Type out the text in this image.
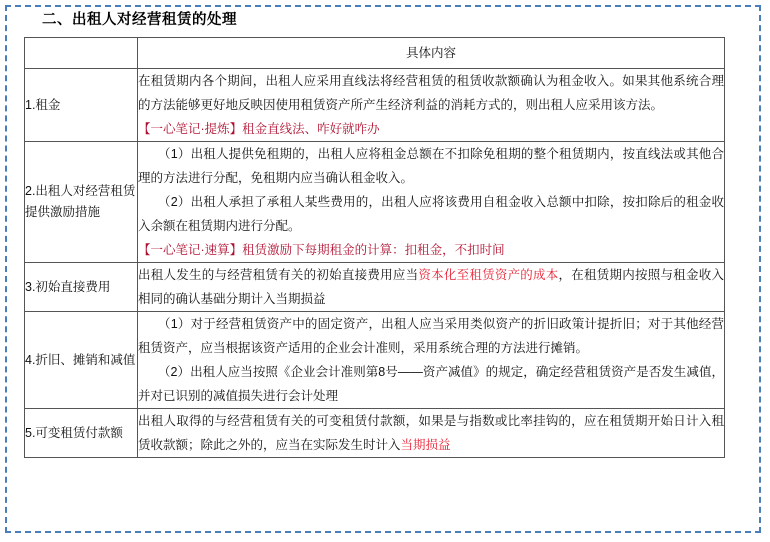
二、出租人对经营租赁的处理
	具体内容
1.租金	在租赁期内各个期间，出租人应采用直线法将经营租赁的租赁收款额确认为租金收入。如果其他系统合理的方法能够更好地反映因使用租赁资产所产生经济利益的消耗方式的，则出租人应采用该方法。
【一心笔记·提炼】租金直线法、咋好就咋办

2.出租人对经营租赁提供激励措施	（1）出租人提供免租期的，出租人应将租金总额在不扣除免租期的整个租赁期内，按直线法或其他合理的方法进行分配，免租期内应当确认租金收入。
（2）出租人承担了承租人某些费用的，出租人应将该费用自租金收入总额中扣除，按扣除后的租金收入余额在租赁期内进行分配。
【一心笔记·速算】租赁激励下每期租金的计算：扣租金，不扣时间

3.初始直接费用	出租人发生的与经营租赁有关的初始直接费用应当资本化至租赁资产的成本，在租赁期内按照与租金收入相同的确认基础分期计入当期损益

4.折旧、摊销和减值	（1）对于经营租赁资产中的固定资产，出租人应当采用类似资产的折旧政策计提折旧；对于其他经营租赁资产，应当根据该资产适用的企业会计准则，采用系统合理的方法进行摊销。
（2）出租人应当按照《企业会计准则第8号——资产减值》的规定，确定经营租赁资产是否发生减值，并对已识别的减值损失进行会计处理

5.可变租赁付款额	出租人取得的与经营租赁有关的可变租赁付款额，如果是与指数或比率挂钩的，应在租赁期开始日计入租赁收款额；除此之外的，应当在实际发生时计入当期损益
